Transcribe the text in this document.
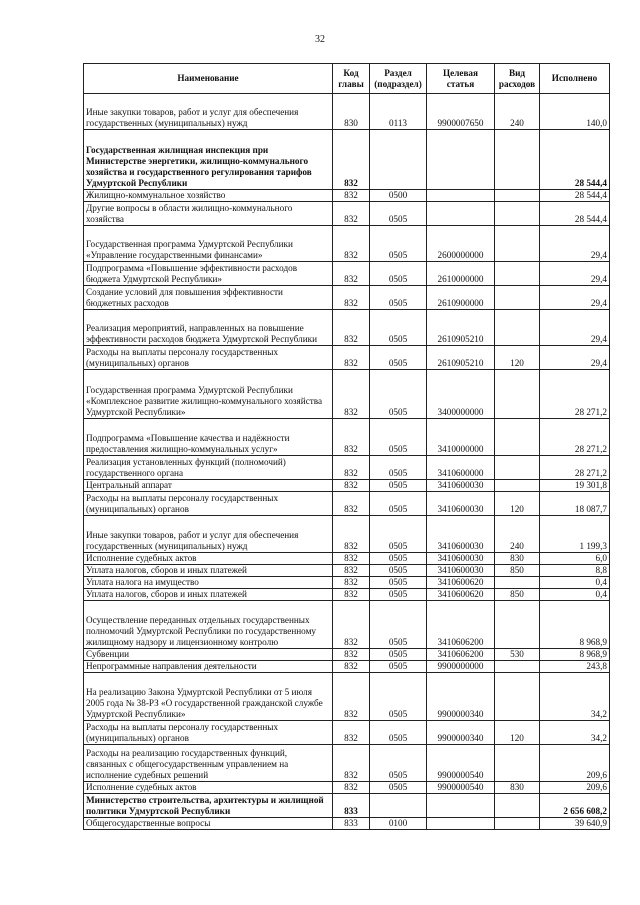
32
Наименование	Код главы	Раздел (подраздел)	Целевая статья	Вид расходов	Исполнено
Иные закупки товаров, работ и услуг для обеспечения государственных (муниципальных) нужд	830	0113	9900007650	240	140,0
Государственная жилищная инспекция при Министерстве энергетики, жилищно-коммунального хозяйства и государственного регулирования тарифов Удмуртской Республики	832				28 544,4
Жилищно-коммунальное хозяйство	832	0500			28 544,4
Другие вопросы в области жилищно-коммунального хозяйства	832	0505			28 544,4
Государственная программа Удмуртской Республики «Управление государственными финансами»	832	0505	2600000000		29,4
Подпрограмма «Повышение эффективности расходов бюджета Удмуртской Республики»	832	0505	2610000000		29,4
Создание условий для повышения эффективности бюджетных расходов	832	0505	2610900000		29,4
Реализация мероприятий, направленных на повышение эффективности расходов бюджета Удмуртской Республики	832	0505	2610905210		29,4
Расходы на выплаты персоналу государственных (муниципальных) органов	832	0505	2610905210	120	29,4
Государственная программа Удмуртской Республики «Комплексное развитие жилищно-коммунального хозяйства Удмуртской Республики»	832	0505	3400000000		28 271,2
Подпрограмма «Повышение качества и надёжности предоставления жилищно-коммунальных услуг»	832	0505	3410000000		28 271,2
Реализация установленных функций (полномочий) государственного органа	832	0505	3410600000		28 271,2
Центральный аппарат	832	0505	3410600030		19 301,8
Расходы на выплаты персоналу государственных (муниципальных) органов	832	0505	3410600030	120	18 087,7
Иные закупки товаров, работ и услуг для обеспечения государственных (муниципальных) нужд	832	0505	3410600030	240	1 199,3
Исполнение судебных актов	832	0505	3410600030	830	6,0
Уплата налогов, сборов и иных платежей	832	0505	3410600030	850	8,8
Уплата налога на имущество	832	0505	3410600620		0,4
Уплата налогов, сборов и иных платежей	832	0505	3410600620	850	0,4
Осуществление переданных отдельных государственных полномочий Удмуртской Республики по государственному жилищному надзору и лицензионному контролю	832	0505	3410606200		8 968,9
Субвенции	832	0505	3410606200	530	8 968,9
Непрограммные направления деятельности	832	0505	9900000000		243,8
На реализацию Закона Удмуртской Республики от 5 июля 2005 года № 38-РЗ «О государственной гражданской службе Удмуртской Республики»	832	0505	9900000340		34,2
Расходы на выплаты персоналу государственных (муниципальных) органов	832	0505	9900000340	120	34,2
Расходы на реализацию государственных функций, связанных с общегосударственным управлением на исполнение судебных решений	832	0505	9900000540		209,6
Исполнение судебных актов	832	0505	9900000540	830	209,6
Министерство строительства, архитектуры и жилищной политики Удмуртской Республики	833				2 656 608,2
Общегосударственные вопросы	833	0100			39 640,9
